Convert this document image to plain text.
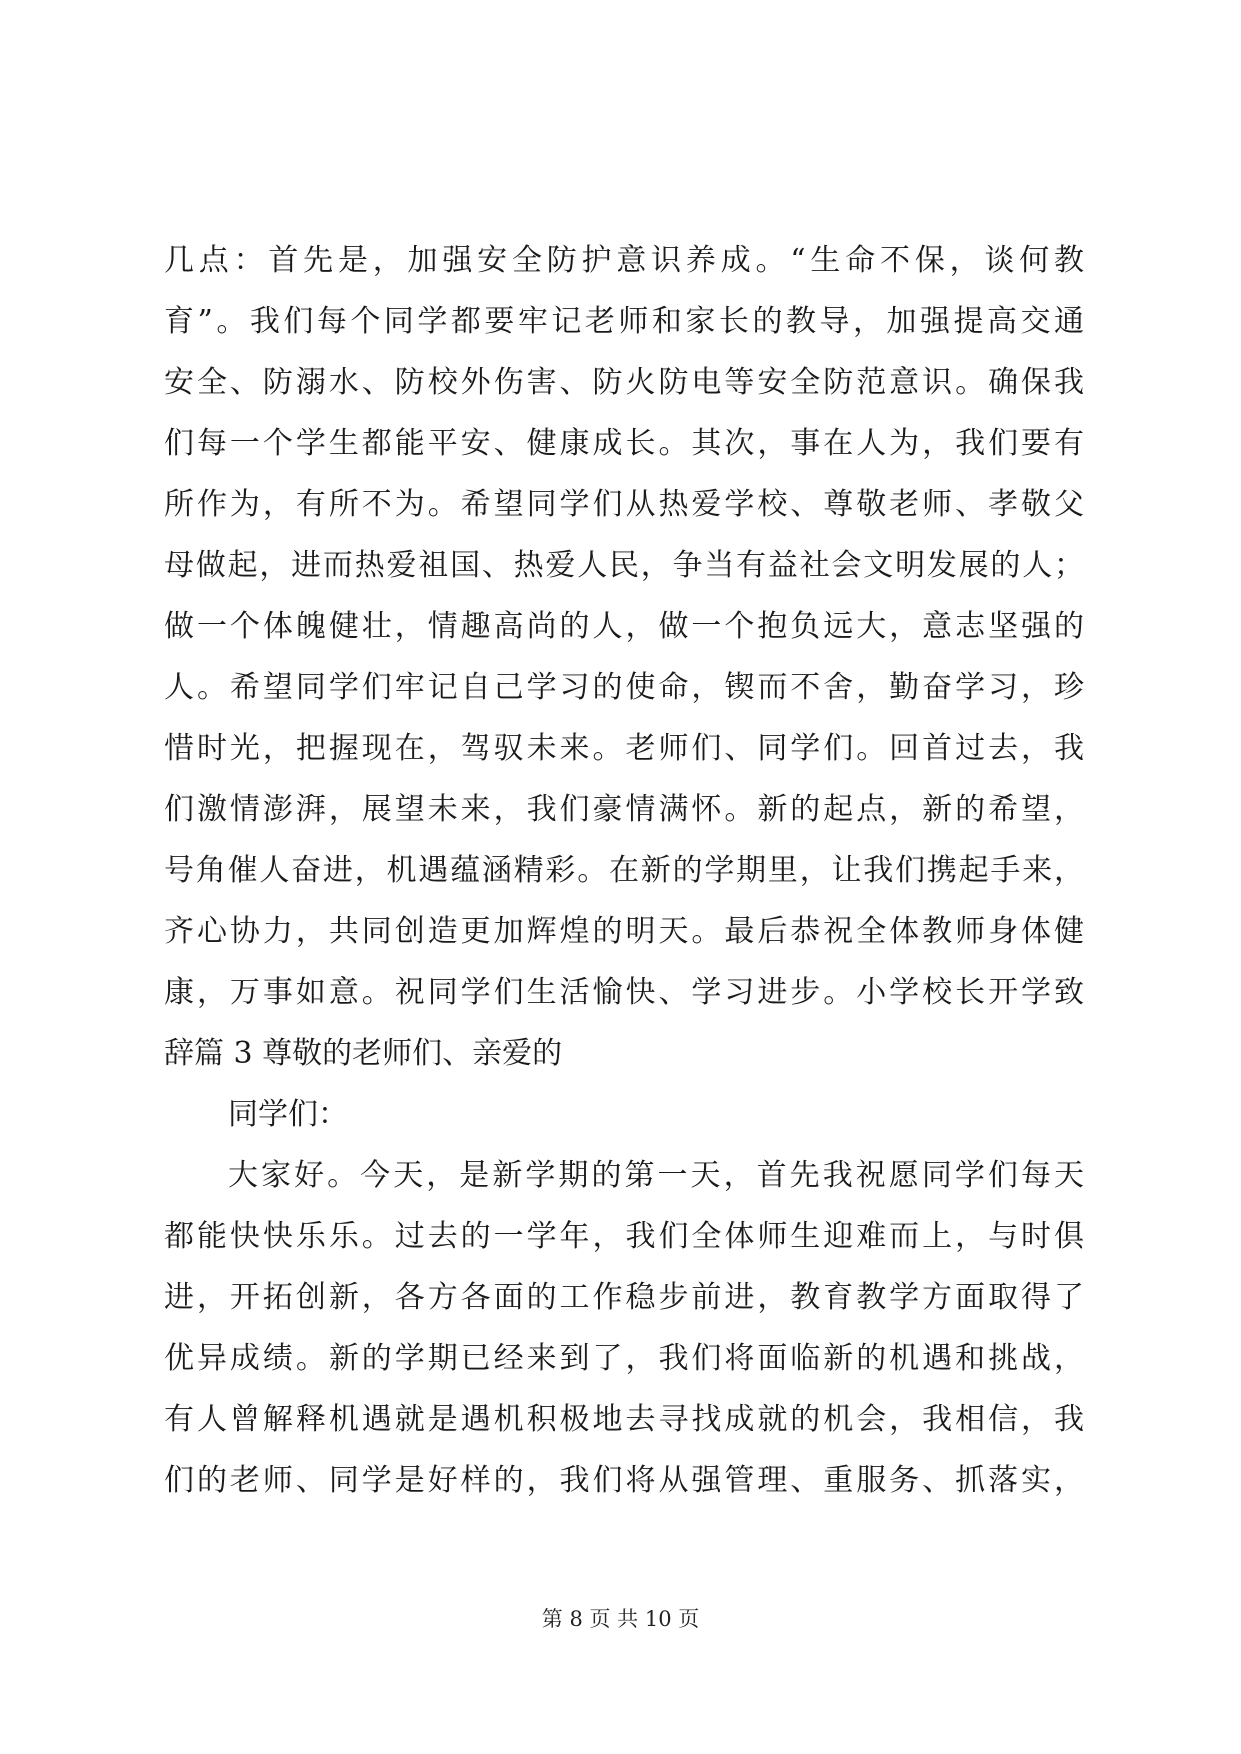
几点：首先是，加强安全防护意识养成。“生命不保，谈何教
育”。我们每个同学都要牢记老师和家长的教导，加强提高交通
安全、防溺水、防校外伤害、防火防电等安全防范意识。确保我
们每一个学生都能平安、健康成长。其次，事在人为，我们要有
所作为，有所不为。希望同学们从热爱学校、尊敬老师、孝敬父
母做起，进而热爱祖国、热爱人民，争当有益社会文明发展的人；
做一个体魄健壮，情趣高尚的人，做一个抱负远大，意志坚强的
人。希望同学们牢记自己学习的使命，锲而不舍，勤奋学习，珍
惜时光，把握现在，驾驭未来。老师们、同学们。回首过去，我
们激情澎湃，展望未来，我们豪情满怀。新的起点，新的希望，
号角催人奋进，机遇蕴涵精彩。在新的学期里，让我们携起手来，
齐心协力，共同创造更加辉煌的明天。最后恭祝全体教师身体健
康，万事如意。祝同学们生活愉快、学习进步。小学校长开学致
辞篇 3 尊敬的老师们、亲爱的
同学们：
大家好。今天，是新学期的第一天，首先我祝愿同学们每天
都能快快乐乐。过去的一学年，我们全体师生迎难而上，与时俱
进，开拓创新，各方各面的工作稳步前进，教育教学方面取得了
优异成绩。新的学期已经来到了，我们将面临新的机遇和挑战，
有人曾解释机遇就是遇机积极地去寻找成就的机会，我相信，我
们的老师、同学是好样的，我们将从强管理、重服务、抓落实，
第 8 页 共 10 页
